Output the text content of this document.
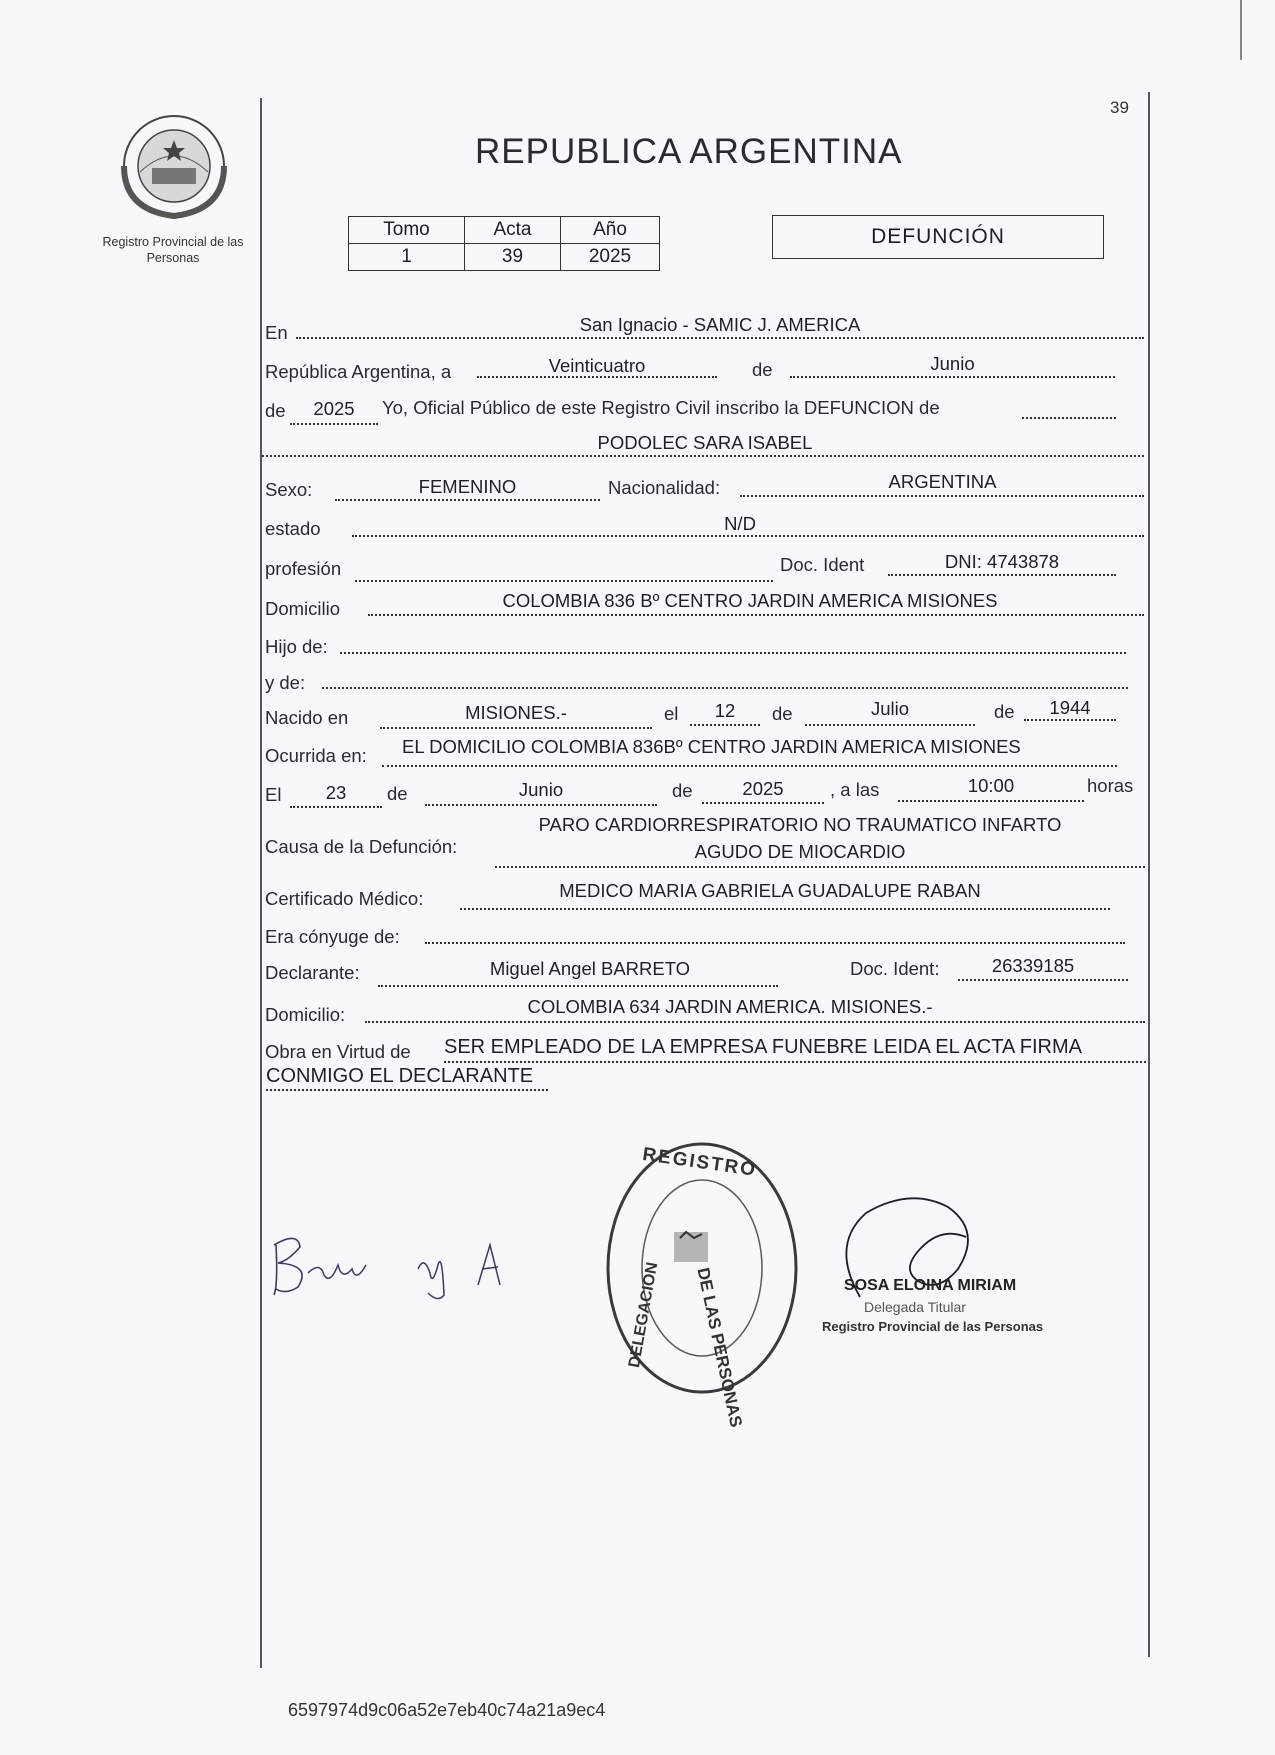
Registro Provincial de las Personas
39
REPUBLICA ARGENTINA
Tomo	Acta	Año
1	39	2025
DEFUNCIÓN
En	San Ignacio - SAMIC J. AMERICA
República Argentina, a	Veinticuatro	de	Junio
de	2025	Yo, Oficial Público de este Registro Civil inscribo la DEFUNCION de
PODOLEC SARA ISABEL
Sexo:	FEMENINO	Nacionalidad:	ARGENTINA
estado	N/D
profesión	Doc. Ident	DNI: 4743878
Domicilio	COLOMBIA 836 Bº CENTRO JARDIN AMERICA MISIONES
Hijo de:
y de:
Nacido en	MISIONES.-	el	12	de	Julio	de	1944
Ocurrida en: EL DOMICILIO COLOMBIA 836Bº CENTRO JARDIN AMERICA MISIONES
El	23	de	Junio	de	2025	, a las	10:00	horas
Causa de la Defunción:
PARO CARDIORRESPIRATORIO NO TRAUMATICO INFARTO
AGUDO DE MIOCARDIO
Certificado Médico:	MEDICO MARIA GABRIELA GUADALUPE RABAN
Era cónyuge de:
Declarante:	Miguel Angel BARRETO	Doc. Ident:	26339185
Domicilio:	COLOMBIA 634 JARDIN AMERICA. MISIONES.-
Obra en Virtud de SER EMPLEADO DE LA EMPRESA FUNEBRE LEIDA EL ACTA FIRMA
CONMIGO EL DECLARANTE
REGISTRO
DE LAS PERSONAS
DELEGACION	SOSA ELOINA MIRIAM
Delegada Titular
Registro Provincial de las Personas
6597974d9c06a52e7eb40c74a21a9ec4
